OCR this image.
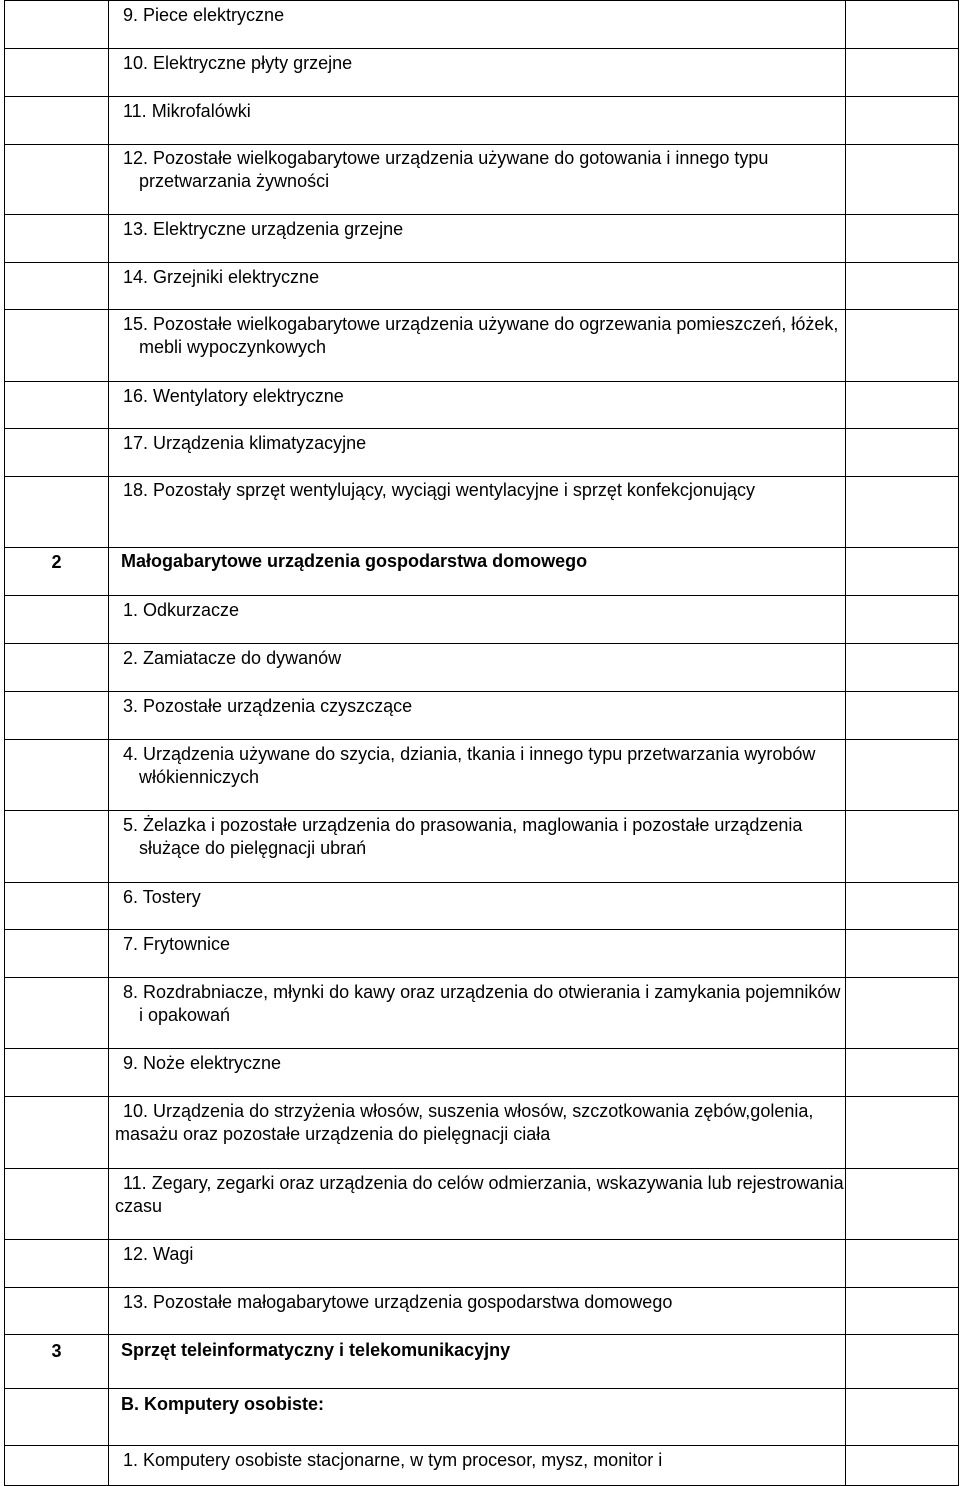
	9. Piece elektryczne	
	10. Elektryczne płyty grzejne	
	11. Mikrofalówki	

	12. Pozostałe wielkogabarytowe urządzenia używane do gotowania i innego typu przetwarzania żywności	

	13. Elektryczne urządzenia grzejne	
	14. Grzejniki elektryczne	

	15. Pozostałe wielkogabarytowe urządzenia używane do ogrzewania pomieszczeń, łóżek, mebli wypoczynkowych	

	16. Wentylatory elektryczne	
	17. Urządzenia klimatyzacyjne	

	18. Pozostały sprzęt wentylujący, wyciągi wentylacyjne i sprzęt konfekcjonujący	

2	Małogabarytowe urządzenia gospodarstwa domowego	
	1. Odkurzacze	
	2. Zamiatacze do dywanów	
	3. Pozostałe urządzenia czyszczące	

	4. Urządzenia używane do szycia, dziania, tkania i innego typu przetwarzania wyrobów włókienniczych	

	5. Żelazka i pozostałe urządzenia do prasowania, maglowania i pozostałe urządzenia służące do pielęgnacji ubrań	

	6. Tostery	
	7. Frytownice	

	8. Rozdrabniacze, młynki do kawy oraz urządzenia do otwierania i zamykania pojemników i opakowań	

	9. Noże elektryczne	

	10. Urządzenia do strzyżenia włosów, suszenia włosów, szczotkowania zębów,golenia, masażu oraz pozostałe urządzenia do pielęgnacji ciała	

	11. Zegary, zegarki oraz urządzenia do celów odmierzania, wskazywania lub rejestrowania czasu	

	12. Wagi	
	13. Pozostałe małogabarytowe urządzenia gospodarstwa domowego	
3	Sprzęt teleinformatyczny i telekomunikacyjny	
	B. Komputery osobiste:	
	1. Komputery osobiste stacjonarne, w tym procesor, mysz, monitor i	
